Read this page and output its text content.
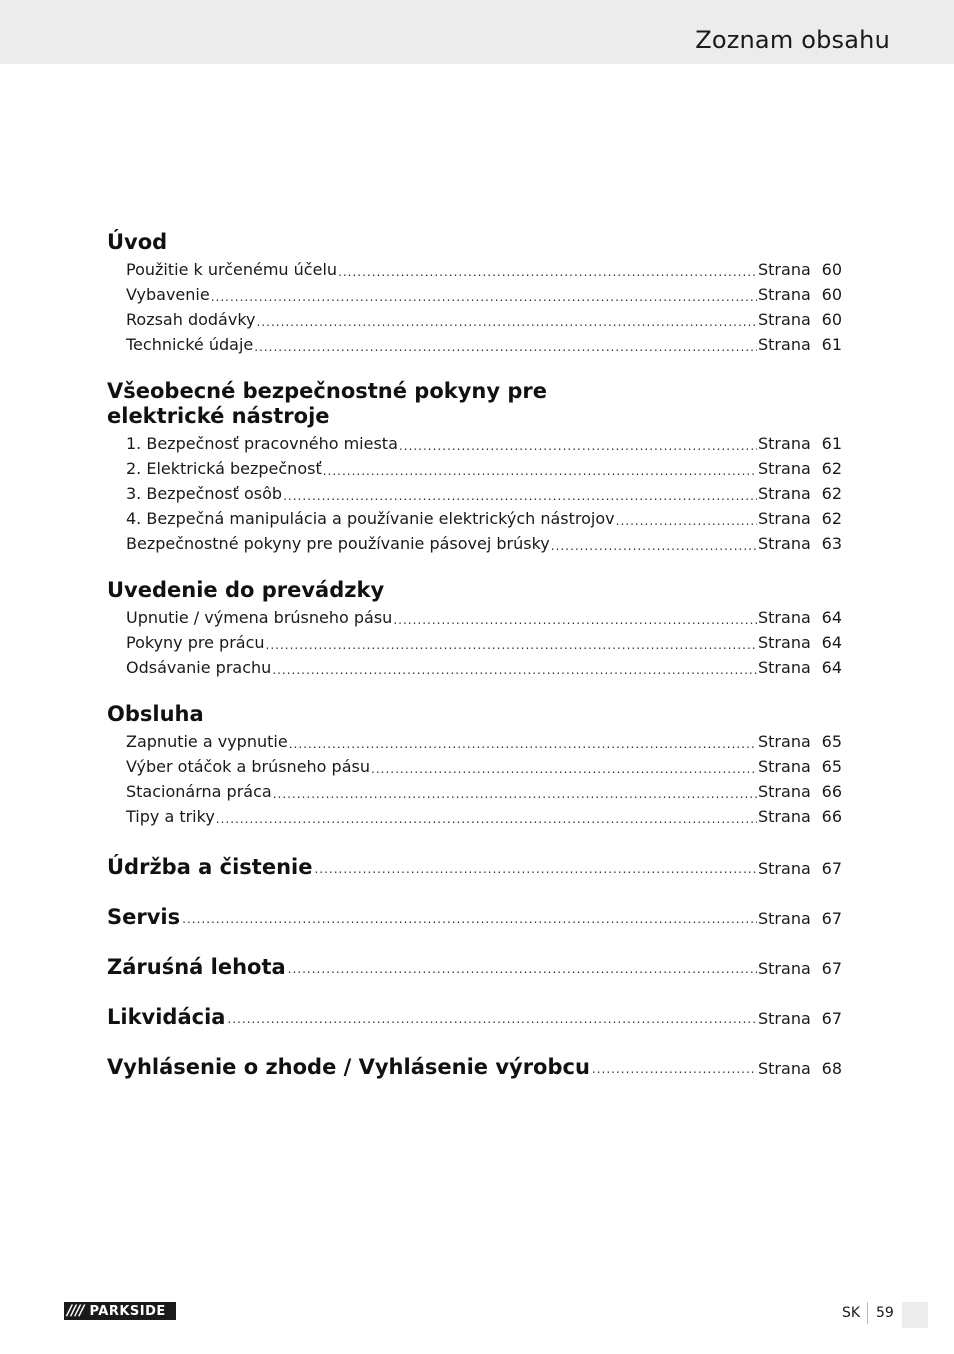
Zoznam obsahu
Úvod
Použitie k určenému účelu .....	Strana 60
Vybavenie .....	Strana 60
Rozsah dodávky .....	Strana 60
Technické údaje .....	Strana 61
Všeobecné bezpečnostné pokyny pre
elektrické nástroje
1. Bezpečnosť pracovného miesta .....	Strana 61
2. Elektrická bezpečnosť .....	Strana 62
3. Bezpečnosť osôb .....	Strana 62
4. Bezpečná manipulácia a používanie elektrických nástrojov .....	Strana 62
Bezpečnostné pokyny pre používanie pásovej brúsky .....	Strana 63
Uvedenie do prevádzky
Upnutie / výmena brúsneho pásu .....	Strana 64
Pokyny pre prácu .....	Strana 64
Odsávanie prachu .....	Strana 64
Obsluha
Zapnutie a vypnutie .....	Strana 65
Výber otáčok a brúsneho pásu .....	Strana 65
Stacionárna práca .....	Strana 66
Tipy a triky .....	Strana 66
Údržba a čistenie .....	Strana 67
Servis .....	Strana 67
Záruśná lehota .....	Strana 67
Likvidácia .....	Strana 67
Vyhlásenie o zhode / Vyhlásenie výrobcu .....	Strana 68
//// PARKSIDE	SK 59
